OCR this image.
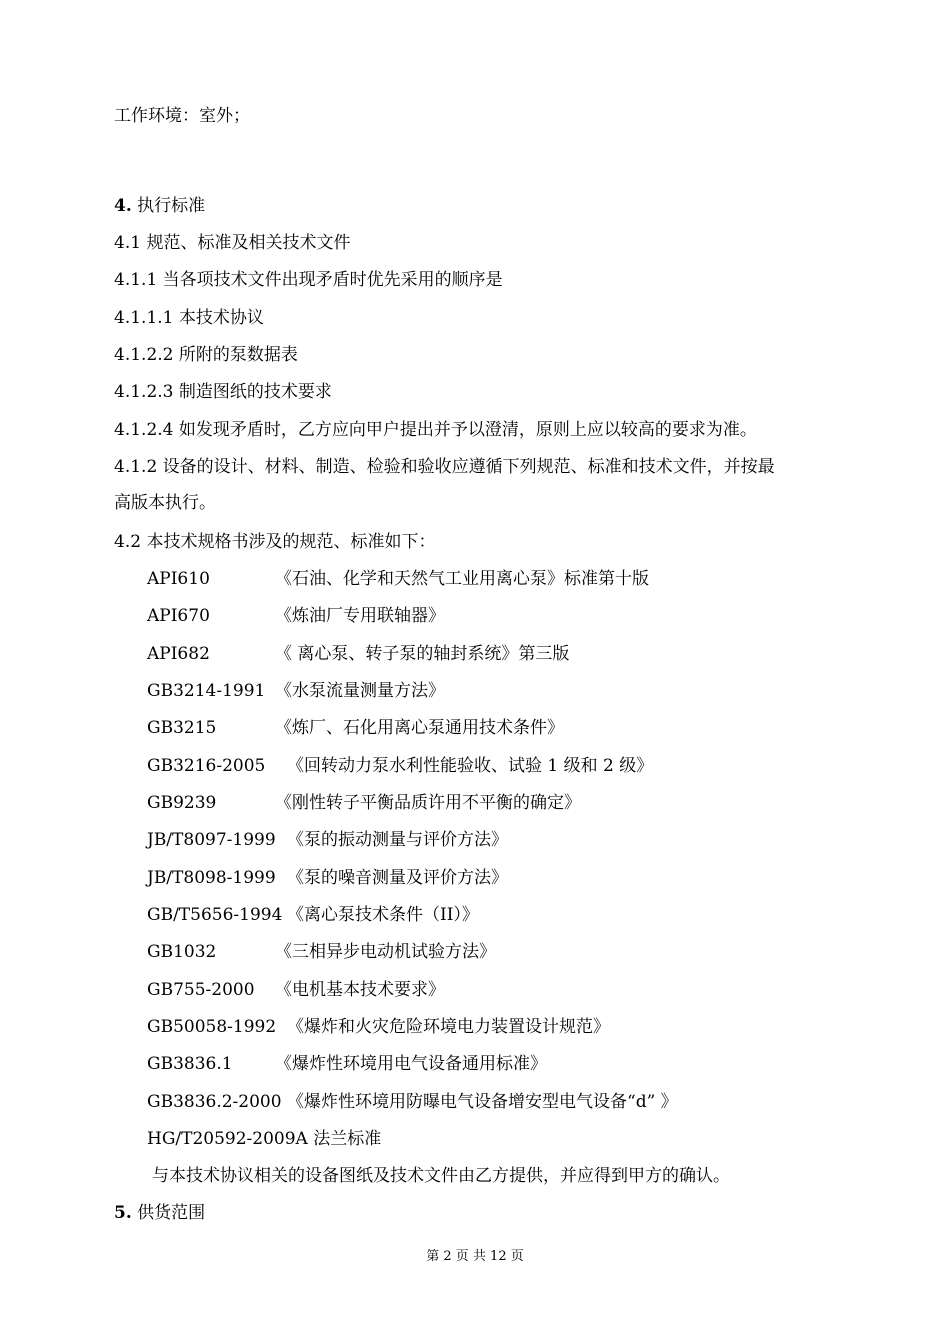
工作环境：室外；
4. 执行标准
4.1 规范、标准及相关技术文件
4.1.1 当各项技术文件出现矛盾时优先采用的顺序是
4.1.1.1 本技术协议
4.1.2.2 所附的泵数据表
4.1.2.3 制造图纸的技术要求
4.1.2.4 如发现矛盾时，乙方应向甲户提出并予以澄清，原则上应以较高的要求为准。
4.1.2 设备的设计、材料、制造、检验和验收应遵循下列规范、标准和技术文件，并按最
高版本执行。
4.2 本技术规格书涉及的规范、标准如下：
API610	《石油、化学和天然气工业用离心泵》标准第十版
API670	《炼油厂专用联轴器》
API682	《 离心泵、转子泵的轴封系统》第三版
GB3214-1991 《水泵流量测量方法》
GB3215	《炼厂、石化用离心泵通用技术条件》
GB3216-2005 《回转动力泵水利性能验收、试验 1 级和 2 级》
GB9239	《刚性转子平衡品质许用不平衡的确定》
JB/T8097-1999 《泵的振动测量与评价方法》
JB/T8098-1999 《泵的噪音测量及评价方法》
GB/T5656-1994 《离心泵技术条件（II）》
GB1032	《三相异步电动机试验方法》
GB755-2000 《电机基本技术要求》
GB50058-1992 《爆炸和火灾危险环境电力装置设计规范》
GB3836.1 《爆炸性环境用电气设备通用标准》
GB3836.2-2000 《爆炸性环境用防曝电气设备增安型电气设备“d” 》
HG/T20592-2009A 法兰标准
与本技术协议相关的设备图纸及技术文件由乙方提供，并应得到甲方的确认。
5. 供货范围
第 2 页 共 12 页
